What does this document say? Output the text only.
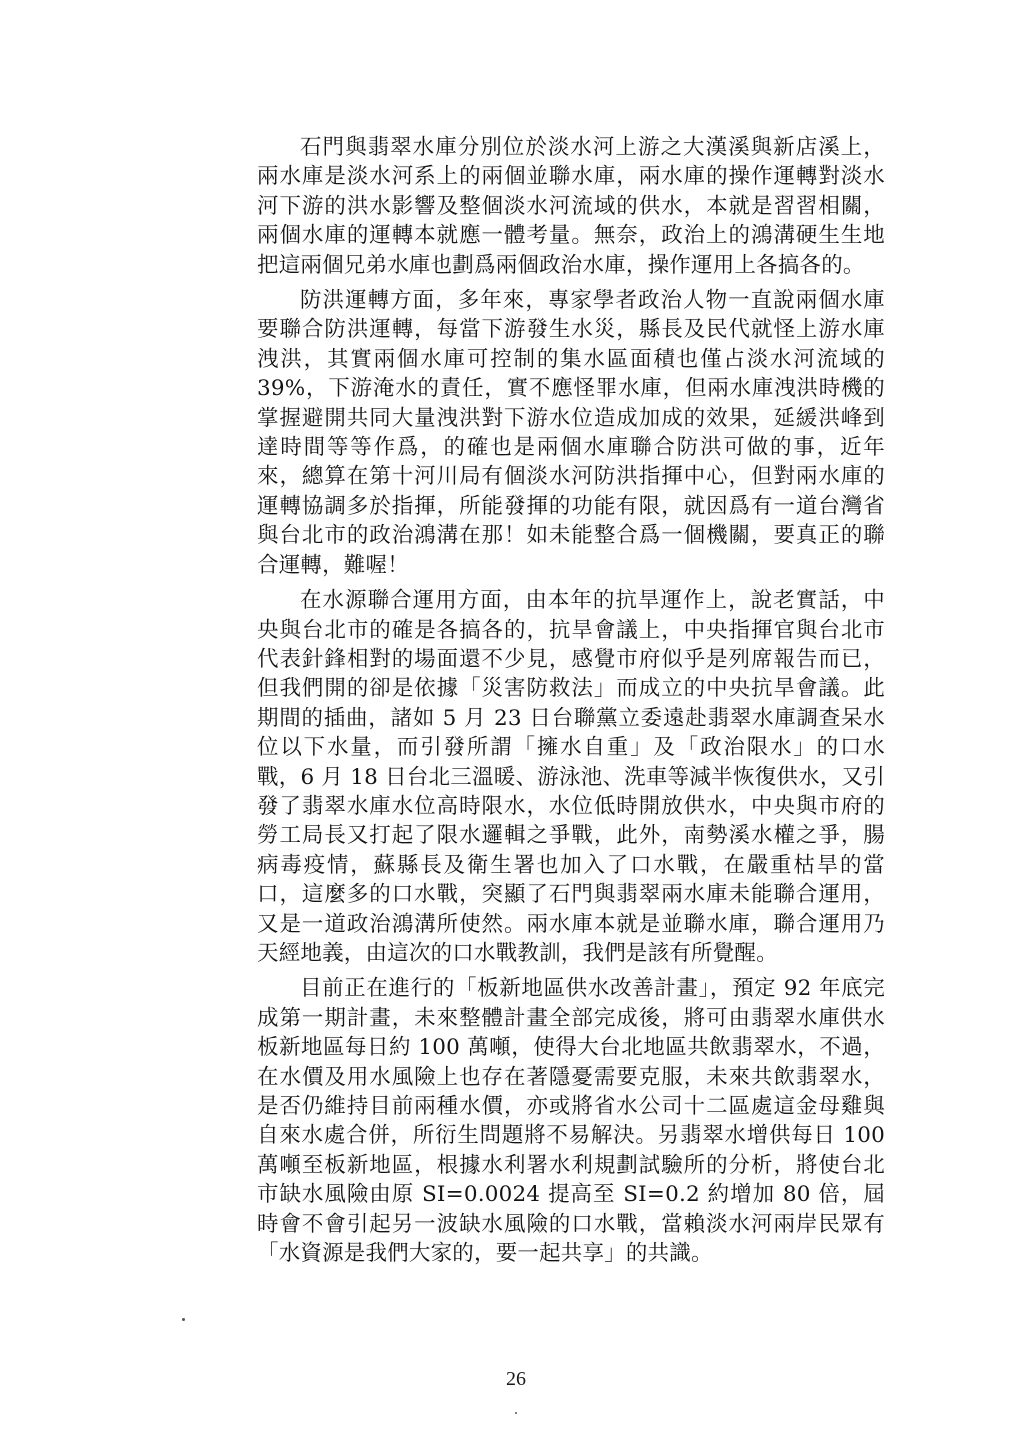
石門與翡翠水庫分別位於淡水河上游之大漢溪與新店溪上，兩水庫是淡水河系上的兩個並聯水庫，兩水庫的操作運轉對淡水河下游的洪水影響及整個淡水河流域的供水，本就是習習相關，兩個水庫的運轉本就應一體考量。無奈，政治上的鴻溝硬生生地把這兩個兄弟水庫也劃爲兩個政治水庫，操作運用上各搞各的。

防洪運轉方面，多年來，專家學者政治人物一直說兩個水庫要聯合防洪運轉，每當下游發生水災，縣長及民代就怪上游水庫洩洪，其實兩個水庫可控制的集水區面積也僅占淡水河流域的39%，下游淹水的責任，實不應怪罪水庫，但兩水庫洩洪時機的掌握避開共同大量洩洪對下游水位造成加成的效果，延緩洪峰到達時間等等作爲，的確也是兩個水庫聯合防洪可做的事，近年來，總算在第十河川局有個淡水河防洪指揮中心，但對兩水庫的運轉協調多於指揮，所能發揮的功能有限，就因爲有一道台灣省與台北市的政治鴻溝在那！如未能整合爲一個機關，要真正的聯合運轉，難喔！

在水源聯合運用方面，由本年的抗旱運作上，說老實話，中央與台北市的確是各搞各的，抗旱會議上，中央指揮官與台北市代表針鋒相對的場面還不少見，感覺市府似乎是列席報告而已，但我們開的卻是依據「災害防救法」而成立的中央抗旱會議。此期間的插曲，諸如 5 月 23 日台聯黨立委遠赴翡翠水庫調查呆水位以下水量，而引發所謂「擁水自重」及「政治限水」的口水戰，6 月 18 日台北三溫暖、游泳池、洗車等減半恢復供水，又引發了翡翠水庫水位高時限水，水位低時開放供水，中央與市府的勞工局長又打起了限水邏輯之爭戰，此外，南勢溪水權之爭，腸病毒疫情，蘇縣長及衛生署也加入了口水戰，在嚴重枯旱的當口，這麼多的口水戰，突顯了石門與翡翠兩水庫未能聯合運用，又是一道政治鴻溝所使然。兩水庫本就是並聯水庫，聯合運用乃天經地義，由這次的口水戰教訓，我們是該有所覺醒。

目前正在進行的「板新地區供水改善計畫」，預定 92 年底完成第一期計畫，未來整體計畫全部完成後，將可由翡翠水庫供水板新地區每日約 100 萬噸，使得大台北地區共飲翡翠水，不過，在水價及用水風險上也存在著隱憂需要克服，未來共飲翡翠水，是否仍維持目前兩種水價，亦或將省水公司十二區處這金母雞與自來水處合併，所衍生問題將不易解決。另翡翠水增供每日 100 萬噸至板新地區，根據水利署水利規劃試驗所的分析，將使台北市缺水風險由原 SI=0.0024 提高至 SI=0.2 約增加 80 倍，屆時會不會引起另一波缺水風險的口水戰，當賴淡水河兩岸民眾有「水資源是我們大家的，要一起共享」的共識。

26
